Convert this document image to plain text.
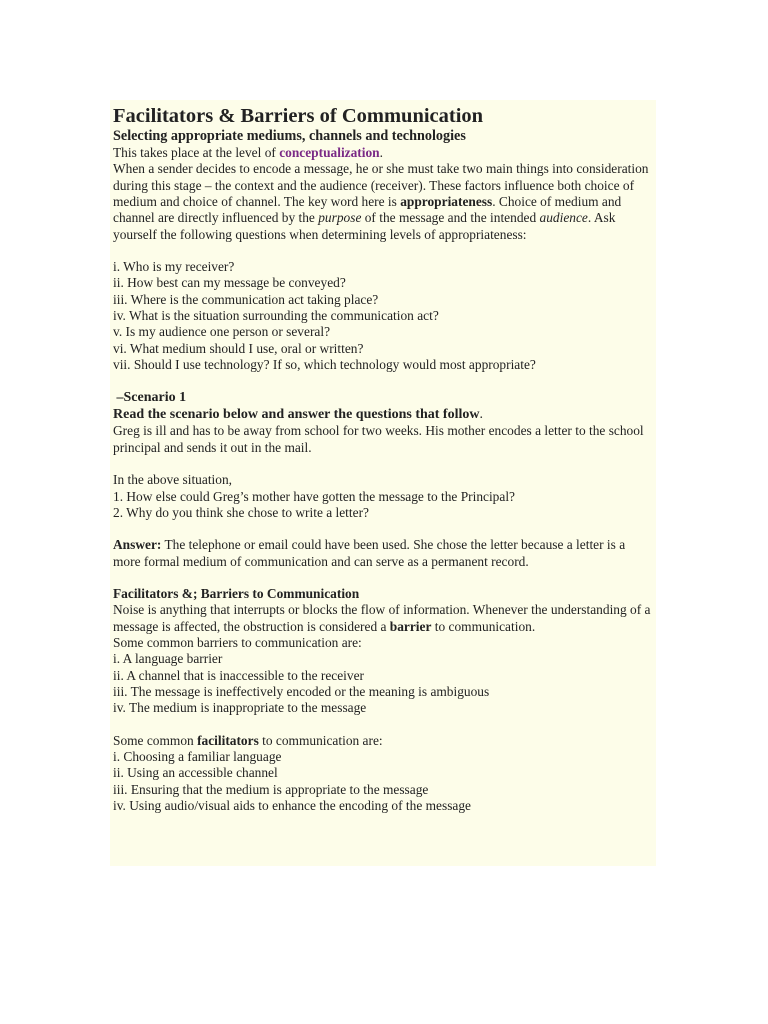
Facilitators & Barriers of Communication

Selecting appropriate mediums, channels and technologies

This takes place at the level of conceptualization.

When a sender decides to encode a message, he or she must take two main things into consideration during this stage – the context and the audience (receiver). These factors influence both choice of medium and choice of channel. The key word here is appropriateness. Choice of medium and channel are directly influenced by the purpose of the message and the intended audience. Ask yourself the following questions when determining levels of appropriateness:

i. Who is my receiver?
ii. How best can my message be conveyed?
iii. Where is the communication act taking place?
iv. What is the situation surrounding the communication act?
v. Is my audience one person or several?
vi. What medium should I use, oral or written?
vii. Should I use technology? If so, which technology would most appropriate?

–Scenario 1

Read the scenario below and answer the questions that follow.

Greg is ill and has to be away from school for two weeks. His mother encodes a letter to the school principal and sends it out in the mail.

In the above situation,

1. How else could Greg’s mother have gotten the message to the Principal?
2. Why do you think she chose to write a letter?

Answer: The telephone or email could have been used. She chose the letter because a letter is a more formal medium of communication and can serve as a permanent record.

Facilitators &; Barriers to Communication

Noise is anything that interrupts or blocks the flow of information. Whenever the understanding of a message is affected, the obstruction is considered a barrier to communication.

Some common barriers to communication are:

i. A language barrier
ii. A channel that is inaccessible to the receiver
iii. The message is ineffectively encoded or the meaning is ambiguous
iv. The medium is inappropriate to the message

Some common facilitators to communication are:

i. Choosing a familiar language
ii. Using an accessible channel
iii. Ensuring that the medium is appropriate to the message
iv. Using audio/visual aids to enhance the encoding of the message
